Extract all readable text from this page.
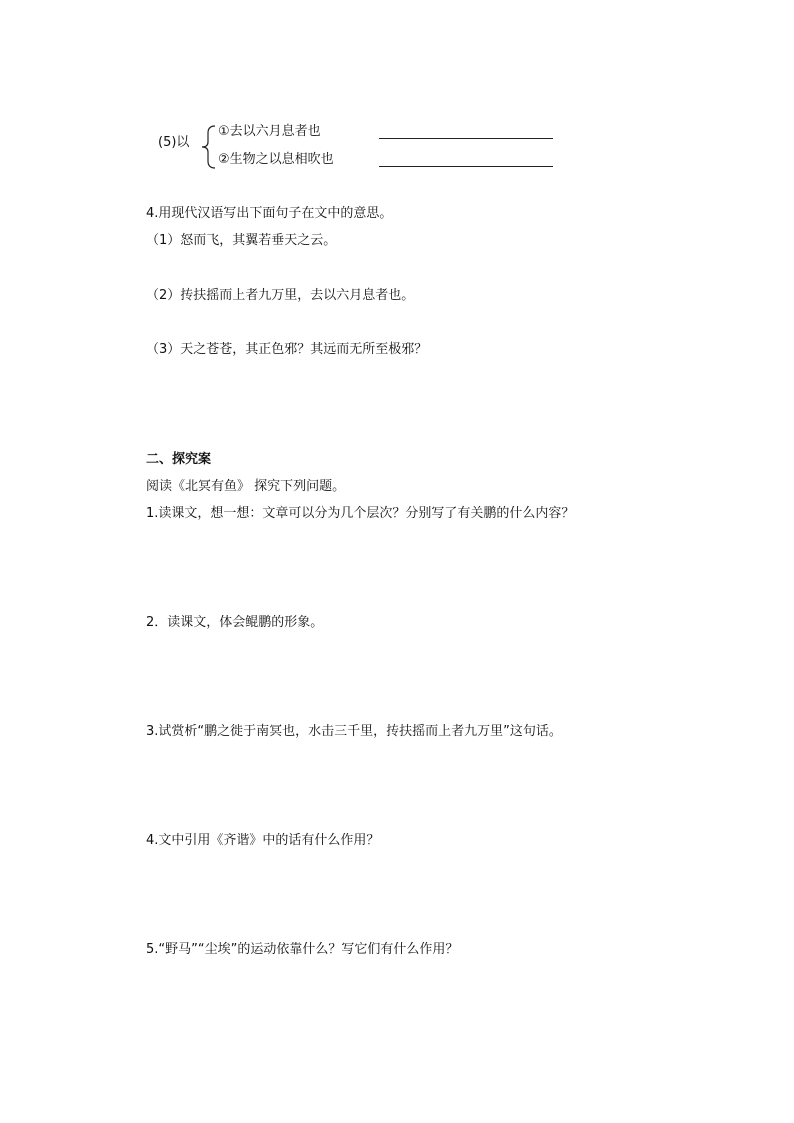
(5)以
①去以六月息者也
②生物之以息相吹也
4.用现代汉语写出下面句子在文中的意思。
（1）怒而飞，其翼若垂天之云。
（2）抟扶摇而上者九万里，去以六月息者也。
（3）天之苍苍，其正色邪？其远而无所至极邪？
二、探究案
阅读《北冥有鱼》 探究下列问题。
1.读课文，想一想：文章可以分为几个层次？分别写了有关鹏的什么内容？
2．读课文，体会鲲鹏的形象。
3.试赏析“鹏之徙于南冥也，水击三千里，抟扶摇而上者九万里”这句话。
4.文中引用《齐谐》中的话有什么作用？
5.“野马”“尘埃”的运动依靠什么？写它们有什么作用？
